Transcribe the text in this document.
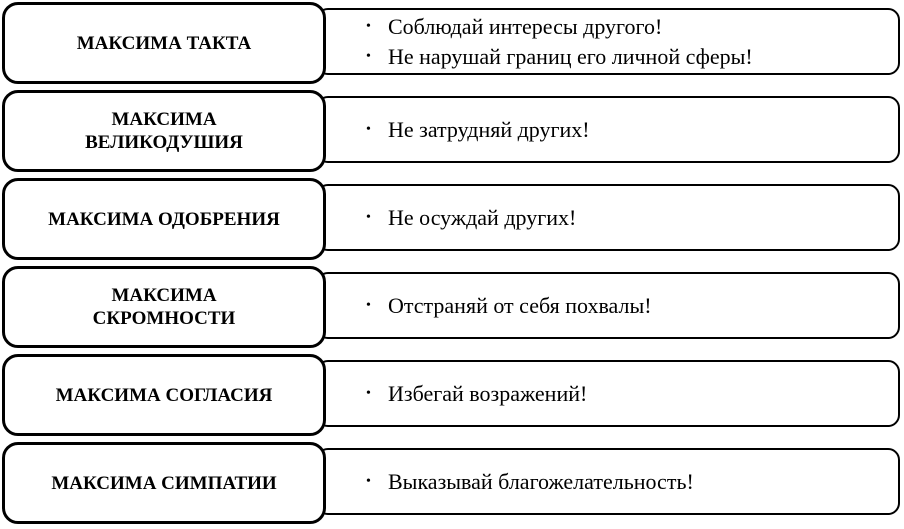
• Соблюдай интересы другого!
• Не нарушай границ его личной сферы!
МАКСИМА ТАКТА
• Не затрудняй других!
МАКСИМА ВЕЛИКОДУШИЯ
• Не осуждай других!
МАКСИМА ОДОБРЕНИЯ
• Отстраняй от себя похвалы!
МАКСИМА СКРОМНОСТИ
• Избегай возражений!
МАКСИМА СОГЛАСИЯ
• Выказывай благожелательность!
МАКСИМА СИМПАТИИ
